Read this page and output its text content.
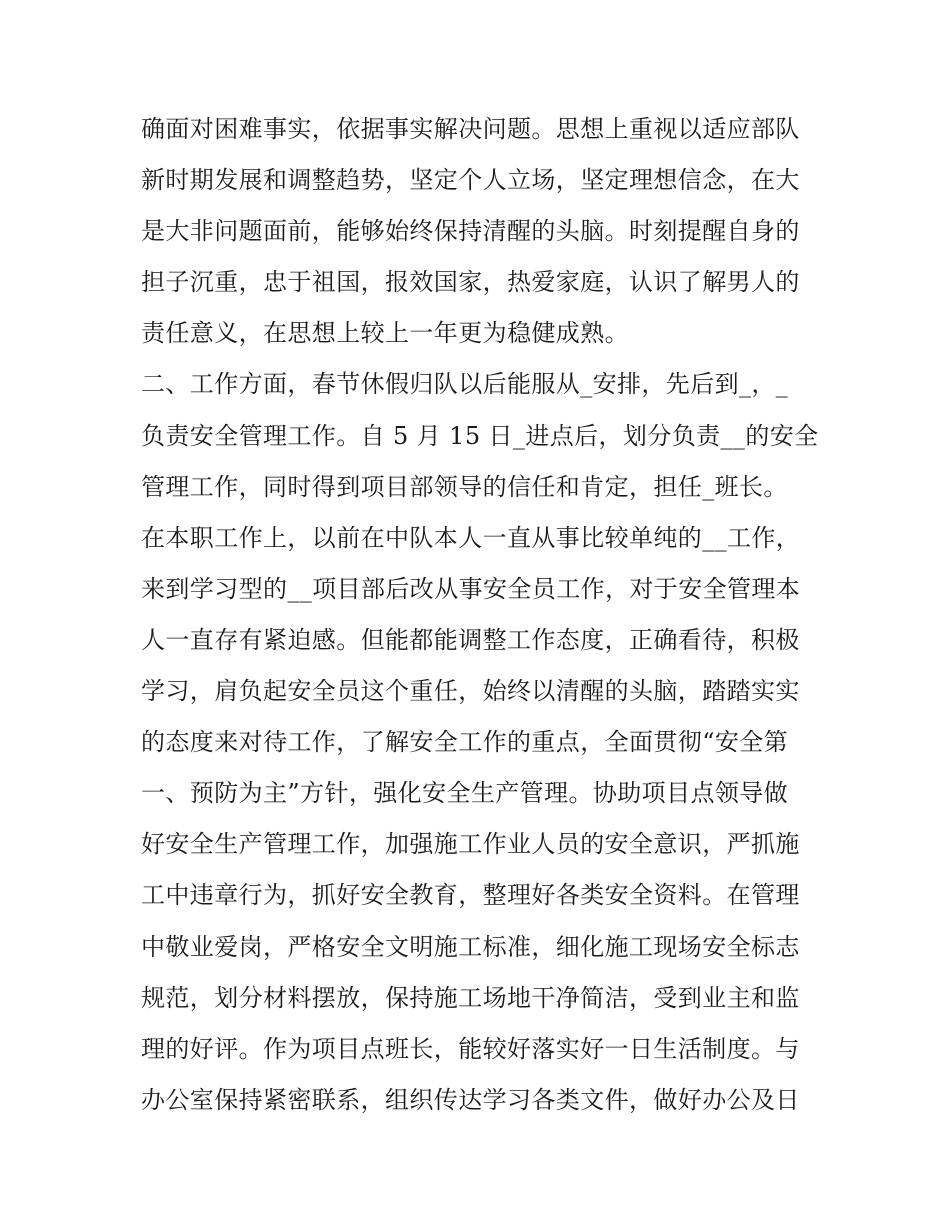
确面对困难事实，依据事实解决问题。思想上重视以适应部队
新时期发展和调整趋势，坚定个人立场，坚定理想信念，在大
是大非问题面前，能够始终保持清醒的头脑。时刻提醒自身的
担子沉重，忠于祖国，报效国家，热爱家庭，认识了解男人的
责任意义，在思想上较上一年更为稳健成熟。
二、工作方面，春节休假归队以后能服从_安排，先后到_，_
负责安全管理工作。自 5 月 15 日_进点后，划分负责__的安全
管理工作，同时得到项目部领导的信任和肯定，担任_班长。
在本职工作上，以前在中队本人一直从事比较单纯的__工作，
来到学习型的__项目部后改从事安全员工作，对于安全管理本
人一直存有紧迫感。但能都能调整工作态度，正确看待，积极
学习，肩负起安全员这个重任，始终以清醒的头脑，踏踏实实
的态度来对待工作，了解安全工作的重点，全面贯彻“安全第
一、预防为主”方针，强化安全生产管理。协助项目点领导做
好安全生产管理工作，加强施工作业人员的安全意识，严抓施
工中违章行为，抓好安全教育，整理好各类安全资料。在管理
中敬业爱岗，严格安全文明施工标准，细化施工现场安全标志
规范，划分材料摆放，保持施工场地干净简洁，受到业主和监
理的好评。作为项目点班长，能较好落实好一日生活制度。与
办公室保持紧密联系，组织传达学习各类文件，做好办公及日
